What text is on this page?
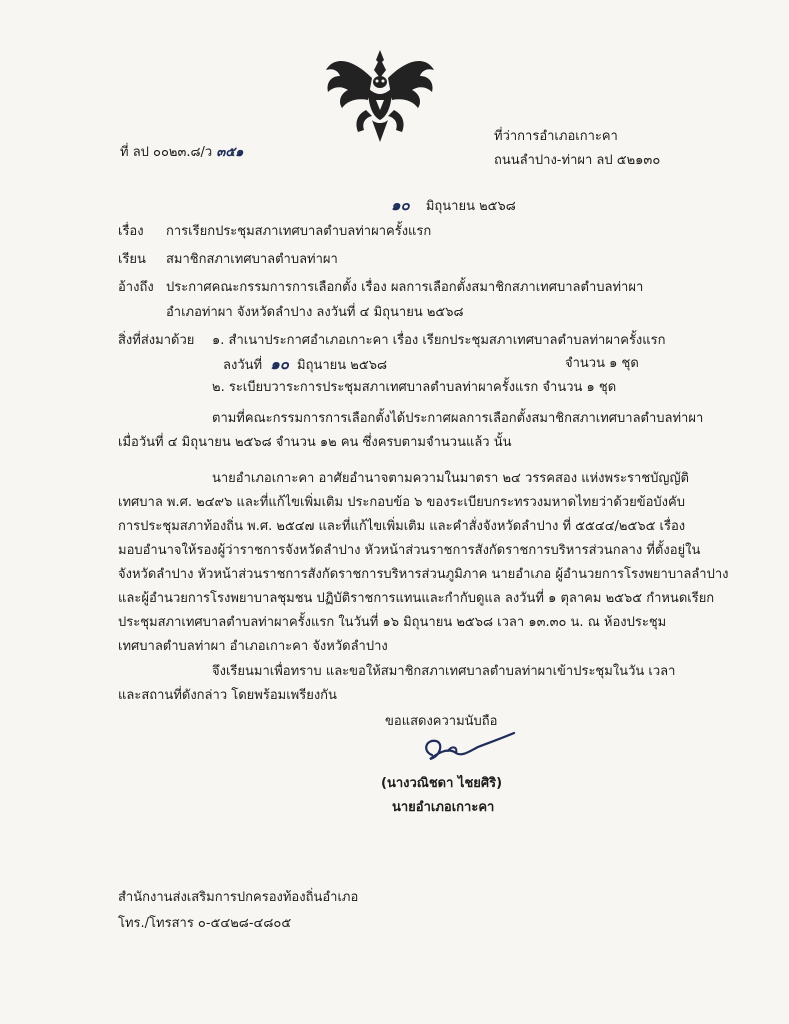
ที่ ลป ๐๐๒๓.๘/ว ๓๕๑
ที่ว่าการอำเภอเกาะคา
ถนนลำปาง-ท่าผา ลป ๕๒๑๓๐
๑๐ มิถุนายน ๒๕๖๘
เรื่อง การเรียกประชุมสภาเทศบาลตำบลท่าผาครั้งแรก
เรียน สมาชิกสภาเทศบาลตำบลท่าผา
อ้างถึง ประกาศคณะกรรมการการเลือกตั้ง เรื่อง ผลการเลือกตั้งสมาชิกสภาเทศบาลตำบลท่าผา
อำเภอท่าผา จังหวัดลำปาง ลงวันที่ ๔ มิถุนายน ๒๕๖๘
สิ่งที่ส่งมาด้วย ๑. สำเนาประกาศอำเภอเกาะคา เรื่อง เรียกประชุมสภาเทศบาลตำบลท่าผาครั้งแรก
ลงวันที่ ๑๐ มิถุนายน ๒๕๖๘	จำนวน ๑ ชุด
๒. ระเบียบวาระการประชุมสภาเทศบาลตำบลท่าผาครั้งแรก จำนวน ๑ ชุด
ตามที่คณะกรรมการการเลือกตั้งได้ประกาศผลการเลือกตั้งสมาชิกสภาเทศบาลตำบลท่าผา
เมื่อวันที่ ๔ มิถุนายน ๒๕๖๘ จำนวน ๑๒ คน ซึ่งครบตามจำนวนแล้ว นั้น
นายอำเภอเกาะคา อาศัยอำนาจตามความในมาตรา ๒๔ วรรคสอง แห่งพระราชบัญญัติ
เทศบาล พ.ศ. ๒๔๙๖ และที่แก้ไขเพิ่มเติม ประกอบข้อ ๖ ของระเบียบกระทรวงมหาดไทยว่าด้วยข้อบังคับ
การประชุมสภาท้องถิ่น พ.ศ. ๒๕๔๗ และที่แก้ไขเพิ่มเติม และคำสั่งจังหวัดลำปาง ที่ ๕๕๔๔/๒๕๖๕ เรื่อง
มอบอำนาจให้รองผู้ว่าราชการจังหวัดลำปาง หัวหน้าส่วนราชการสังกัดราชการบริหารส่วนกลาง ที่ตั้งอยู่ใน
จังหวัดลำปาง หัวหน้าส่วนราชการสังกัดราชการบริหารส่วนภูมิภาค นายอำเภอ ผู้อำนวยการโรงพยาบาลลำปาง
และผู้อำนวยการโรงพยาบาลชุมชน ปฏิบัติราชการแทนและกำกับดูแล ลงวันที่ ๑ ตุลาคม ๒๕๖๕ กำหนดเรียก
ประชุมสภาเทศบาลตำบลท่าผาครั้งแรก ในวันที่ ๑๖ มิถุนายน ๒๕๖๘ เวลา ๑๓.๓๐ น. ณ ห้องประชุม
เทศบาลตำบลท่าผา อำเภอเกาะคา จังหวัดลำปาง
จึงเรียนมาเพื่อทราบ และขอให้สมาชิกสภาเทศบาลตำบลท่าผาเข้าประชุมในวัน เวลา
และสถานที่ดังกล่าว โดยพร้อมเพรียงกัน
ขอแสดงความนับถือ
(นางวณิชดา ไชยศิริ)
นายอำเภอเกาะคา
สำนักงานส่งเสริมการปกครองท้องถิ่นอำเภอ
โทร./โทรสาร ๐-๕๔๒๘-๔๘๐๕
